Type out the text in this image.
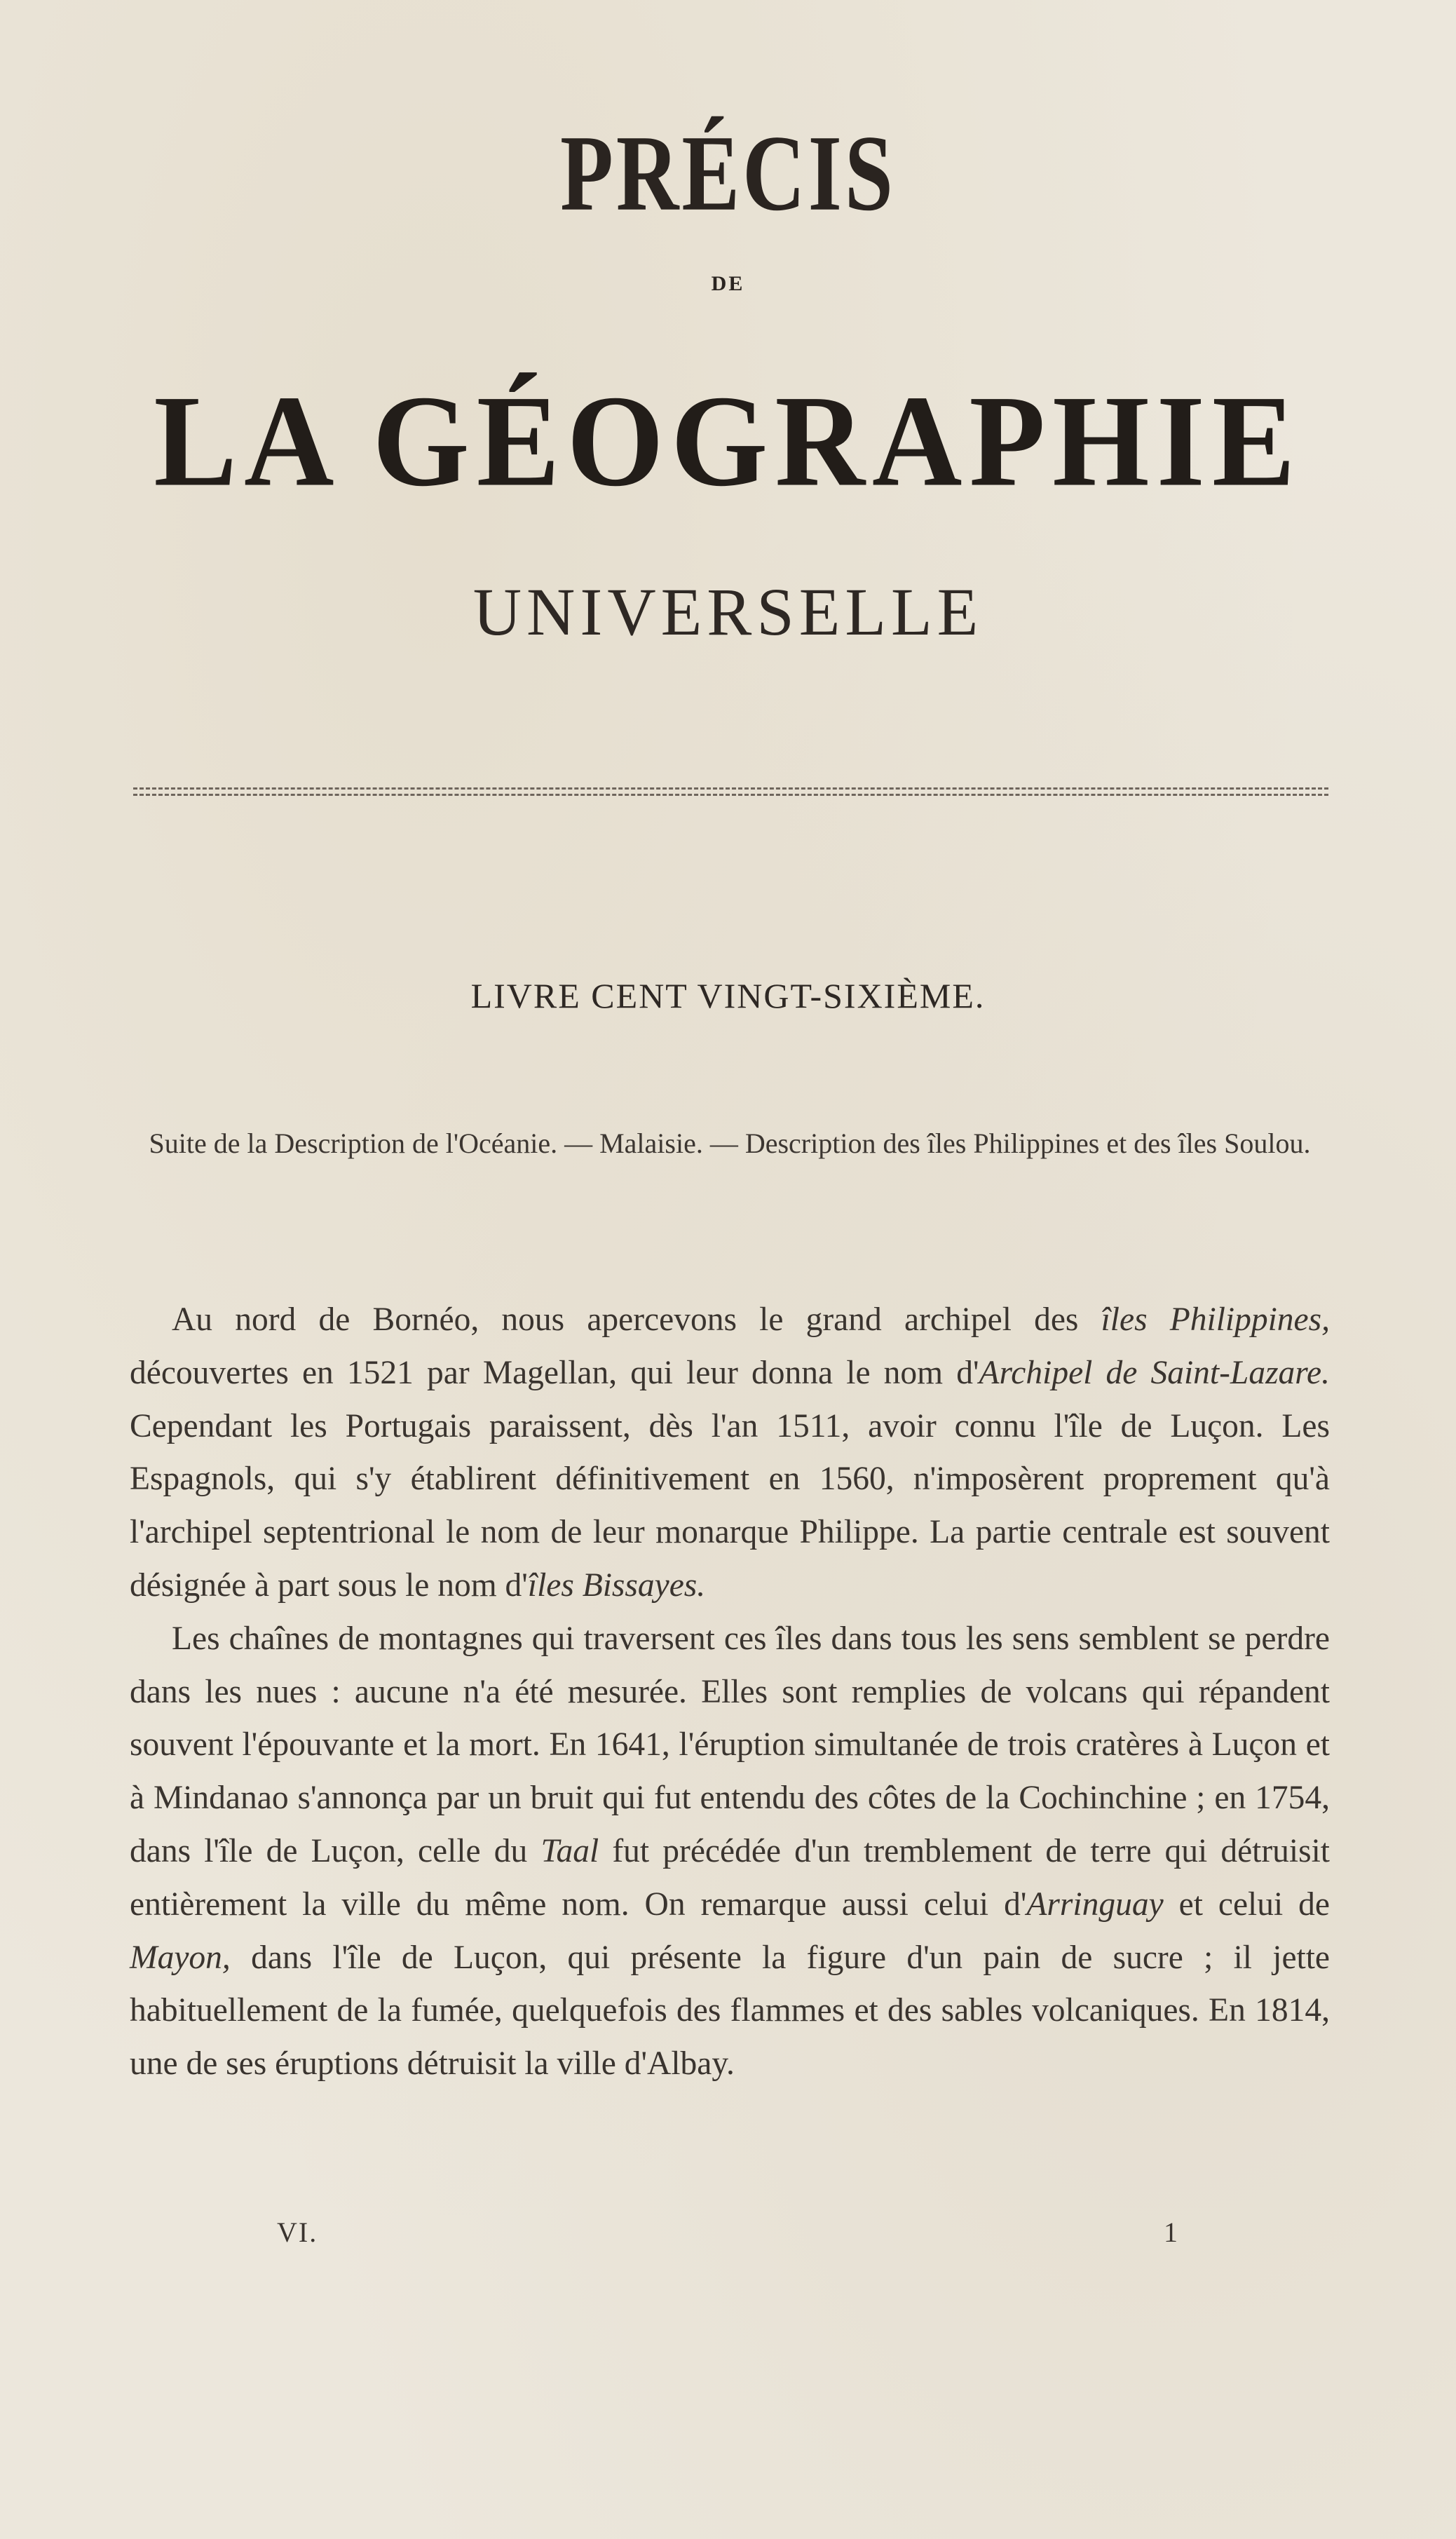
PRÉCIS
DE
LA GÉOGRAPHIE
UNIVERSELLE
LIVRE CENT VINGT-SIXIÈME.
Suite de la Description de l'Océanie. — Malaisie. — Description des îles Philippines et des îles Soulou.

Au nord de Bornéo, nous apercevons le grand archipel des îles Philippines, découvertes en 1521 par Magellan, qui leur donna le nom d'Archipel de Saint-Lazare. Cependant les Portugais paraissent, dès l'an 1511, avoir connu l'île de Luçon. Les Espagnols, qui s'y établirent définitivement en 1560, n'imposèrent proprement qu'à l'archipel septentrional le nom de leur monarque Philippe. La partie centrale est souvent désignée à part sous le nom d'îles Bissayes.

Les chaînes de montagnes qui traversent ces îles dans tous les sens semblent se perdre dans les nues : aucune n'a été mesurée. Elles sont remplies de volcans qui répandent souvent l'épouvante et la mort. En 1641, l'éruption simultanée de trois cratères à Luçon et à Mindanao s'annonça par un bruit qui fut entendu des côtes de la Cochinchine ; en 1754, dans l'île de Luçon, celle du Taal fut précédée d'un tremblement de terre qui détruisit entièrement la ville du même nom. On remarque aussi celui d'Arringuay et celui de Mayon, dans l'île de Luçon, qui présente la figure d'un pain de sucre ; il jette habituellement de la fumée, quelquefois des flammes et des sables volcaniques. En 1814, une de ses éruptions détruisit la ville d'Albay.

VI.	1
